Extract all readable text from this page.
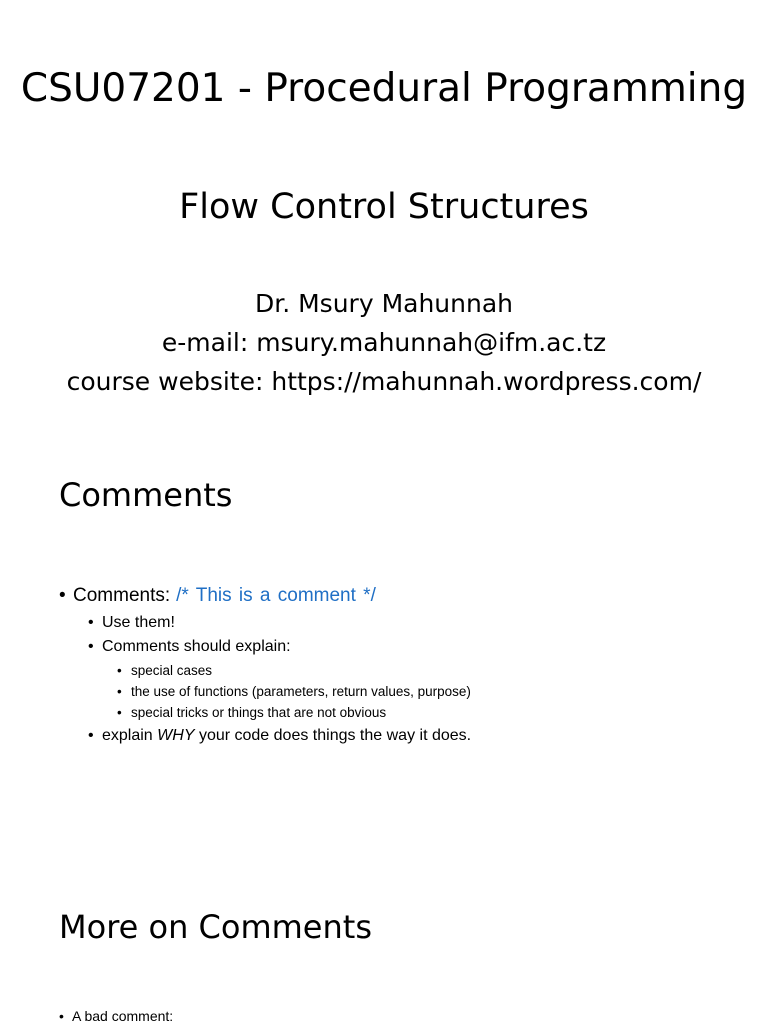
CSU07201 - Procedural Programming
Flow Control Structures
Dr. Msury Mahunnah
e-mail: msury.mahunnah@ifm.ac.tz
course website: https://mahunnah.wordpress.com/
Comments
• Comments: /* This is a comment */
• Use them!
• Comments should explain:
• special cases
• the use of functions (parameters, return values, purpose)
• special tricks or things that are not obvious
• explain WHY your code does things the way it does.
More on Comments
• A bad comment:
